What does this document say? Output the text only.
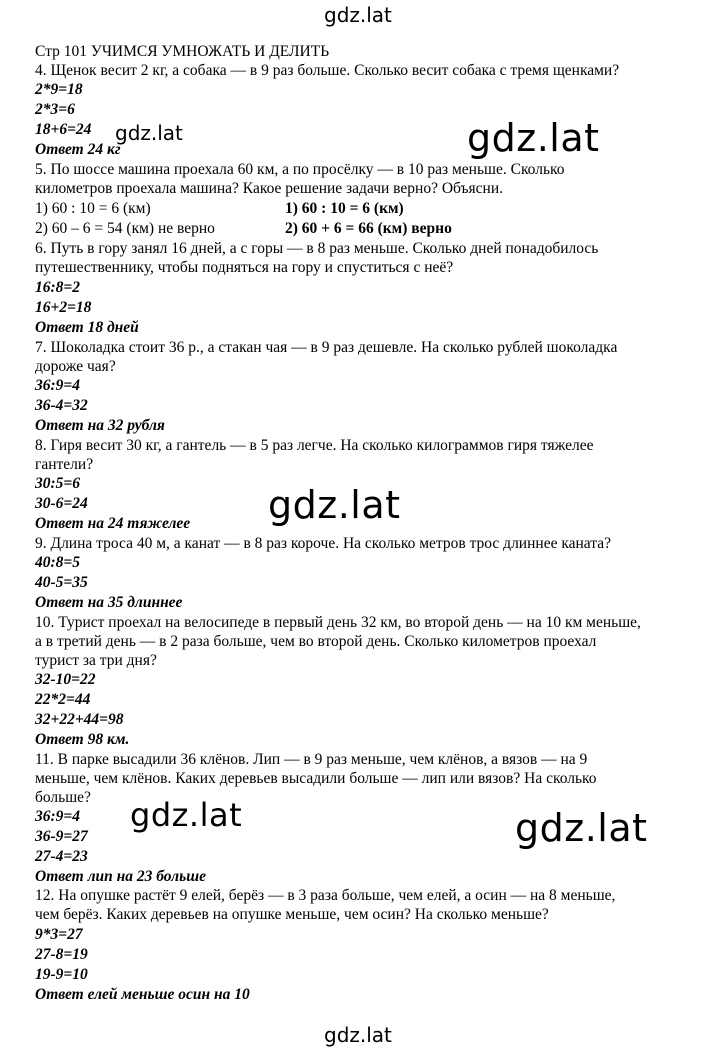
gdz.lat
gdz.lat	gdz.lat
gdz.lat
gdz.lat	gdz.lat
gdz.lat
Стр 101 УЧИМСЯ УМНОЖАТЬ И ДЕЛИТЬ
4. Щенок весит 2 кг, а собака — в 9 раз больше. Сколько весит собака с тремя щенками?
2*9=18
2*3=6
18+6=24
Ответ 24 кг
5. По шоссе машина проехала 60 км, а по просёлку — в 10 раз меньше. Сколько
километров проехала машина? Какое решение задачи верно? Объясни.
1) 60 : 10 = 6 (км)	1) 60 : 10 = 6 (км)
2) 60 – 6 = 54 (км) не верно	2) 60 + 6 = 66 (км) верно
6. Путь в гору занял 16 дней, а с горы — в 8 раз меньше. Сколько дней понадобилось
путешественнику, чтобы подняться на гору и спуститься с неё?
16:8=2
16+2=18
Ответ 18 дней
7. Шоколадка стоит 36 р., а стакан чая — в 9 раз дешевле. На сколько рублей шоколадка
дороже чая?
36:9=4
36-4=32
Ответ на 32 рубля
8. Гиря весит 30 кг, а гантель — в 5 раз легче. На сколько килограммов гиря тяжелее
гантели?
30:5=6
30-6=24
Ответ на 24 тяжелее
9. Длина троса 40 м, а канат — в 8 раз короче. На сколько метров трос длиннее каната?
40:8=5
40-5=35
Ответ на 35 длиннее
10. Турист проехал на велосипеде в первый день 32 км, во второй день — на 10 км меньше,
а в третий день — в 2 раза больше, чем во второй день. Сколько километров проехал
турист за три дня?
32-10=22
22*2=44
32+22+44=98
Ответ 98 км.
11. В парке высадили 36 клёнов. Лип — в 9 раз меньше, чем клёнов, а вязов — на 9
меньше, чем клёнов. Каких деревьев высадили больше — лип или вязов? На сколько
больше?
36:9=4
36-9=27
27-4=23
Ответ лип на 23 больше
12. На опушке растёт 9 елей, берёз — в 3 раза больше, чем елей, а осин — на 8 меньше,
чем берёз. Каких деревьев на опушке меньше, чем осин? На сколько меньше?
9*3=27
27-8=19
19-9=10
Ответ елей меньше осин на 10
